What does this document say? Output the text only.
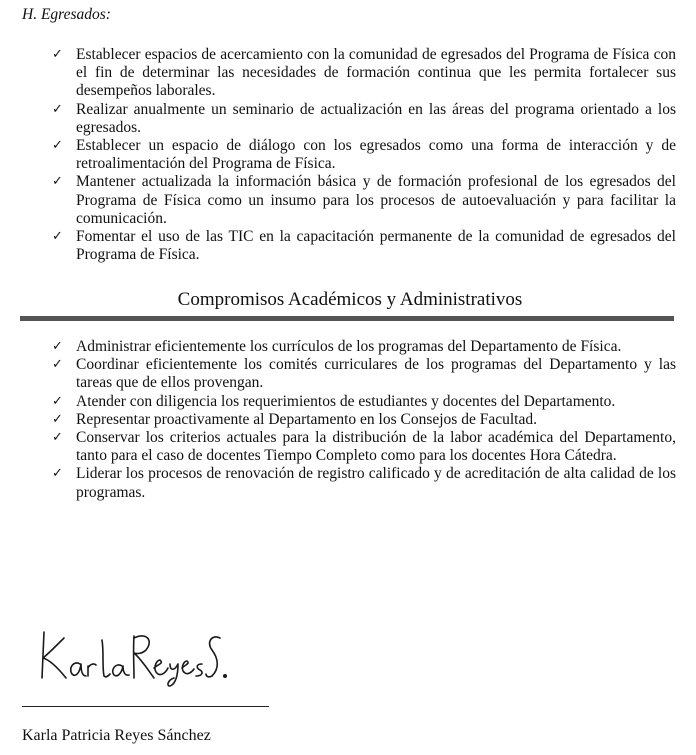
H. Egresados:
✓ Establecer espacios de acercamiento con la comunidad de egresados del Programa de Física con el fin de determinar las necesidades de formación continua que les permita fortalecer sus desempeños laborales.
✓ Realizar anualmente un seminario de actualización en las áreas del programa orientado a los egresados.
✓ Establecer un espacio de diálogo con los egresados como una forma de interacción y de retroalimentación del Programa de Física.
✓ Mantener actualizada la información básica y de formación profesional de los egresados del Programa de Física como un insumo para los procesos de autoevaluación y para facilitar la comunicación.
✓ Fomentar el uso de las TIC en la capacitación permanente de la comunidad de egresados del Programa de Física.
Compromisos Académicos y Administrativos
✓ Administrar eficientemente los currículos de los programas del Departamento de Física.
✓ Coordinar eficientemente los comités curriculares de los programas del Departamento y las tareas que de ellos provengan.
✓ Atender con diligencia los requerimientos de estudiantes y docentes del Departamento.
✓ Representar proactivamente al Departamento en los Consejos de Facultad.
✓ Conservar los criterios actuales para la distribución de la labor académica del Departamento, tanto para el caso de docentes Tiempo Completo como para los docentes Hora Cátedra.
✓ Liderar los procesos de renovación de registro calificado y de acreditación de alta calidad de los programas.
Karla Patricia Reyes Sánchez
